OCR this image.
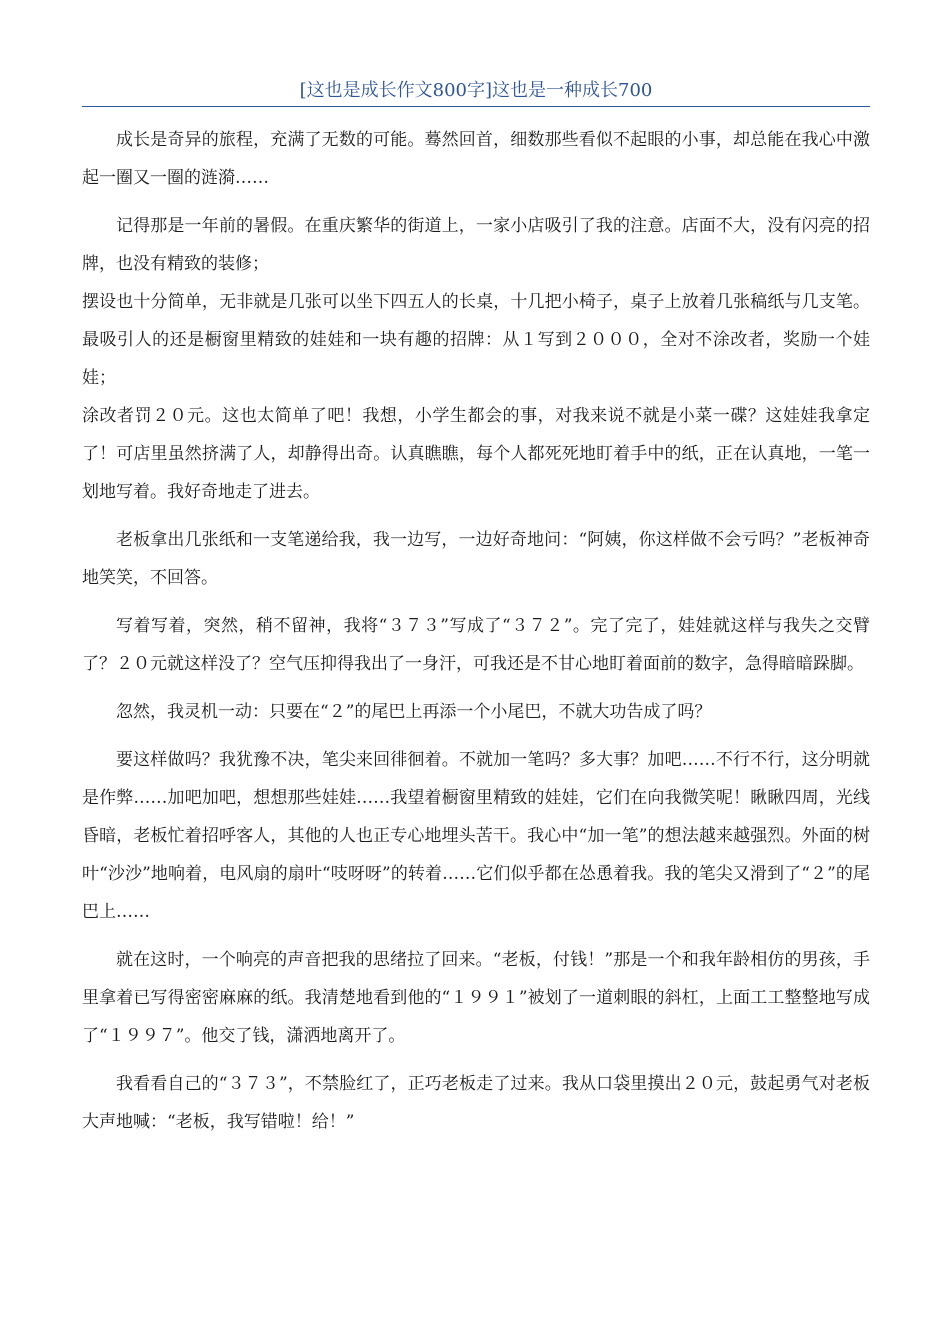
[这也是成长作文800字]这也是一种成长700

成长是奇异的旅程，充满了无数的可能。蓦然回首，细数那些看似不起眼的小事，却总能在我心中激起一圈又一圈的涟漪……

记得那是一年前的暑假。在重庆繁华的街道上，一家小店吸引了我的注意。店面不大，没有闪亮的招牌，也没有精致的装修；

摆设也十分简单，无非就是几张可以坐下四五人的长桌，十几把小椅子，桌子上放着几张稿纸与几支笔。最吸引人的还是橱窗里精致的娃娃和一块有趣的招牌：从１写到２０００，全对不涂改者，奖励一个娃娃；

涂改者罚２０元。这也太简单了吧！我想，小学生都会的事，对我来说不就是小菜一碟？这娃娃我拿定了！可店里虽然挤满了人，却静得出奇。认真瞧瞧，每个人都死死地盯着手中的纸，正在认真地，一笔一划地写着。我好奇地走了进去。

老板拿出几张纸和一支笔递给我，我一边写，一边好奇地问：“阿姨，你这样做不会亏吗？”老板神奇地笑笑，不回答。

写着写着，突然，稍不留神，我将“３７３”写成了“３７２”。完了完了，娃娃就这样与我失之交臂了？２０元就这样没了？空气压抑得我出了一身汗，可我还是不甘心地盯着面前的数字，急得暗暗跺脚。

忽然，我灵机一动：只要在“２”的尾巴上再添一个小尾巴，不就大功告成了吗？

要这样做吗？我犹豫不决，笔尖来回徘徊着。不就加一笔吗？多大事？加吧……不行不行，这分明就是作弊……加吧加吧，想想那些娃娃……我望着橱窗里精致的娃娃，它们在向我微笑呢！瞅瞅四周，光线昏暗，老板忙着招呼客人，其他的人也正专心地埋头苦干。我心中“加一笔”的想法越来越强烈。外面的树叶“沙沙”地响着，电风扇的扇叶“吱呀呀”的转着……它们似乎都在怂恿着我。我的笔尖又滑到了“２”的尾巴上……

就在这时，一个响亮的声音把我的思绪拉了回来。“老板，付钱！”那是一个和我年龄相仿的男孩，手里拿着已写得密密麻麻的纸。我清楚地看到他的“１９９１”被划了一道刺眼的斜杠，上面工工整整地写成了“１９９７”。他交了钱，潇洒地离开了。

我看看自己的“３７３”，不禁脸红了，正巧老板走了过来。我从口袋里摸出２０元，鼓起勇气对老板大声地喊：“老板，我写错啦！给！”
